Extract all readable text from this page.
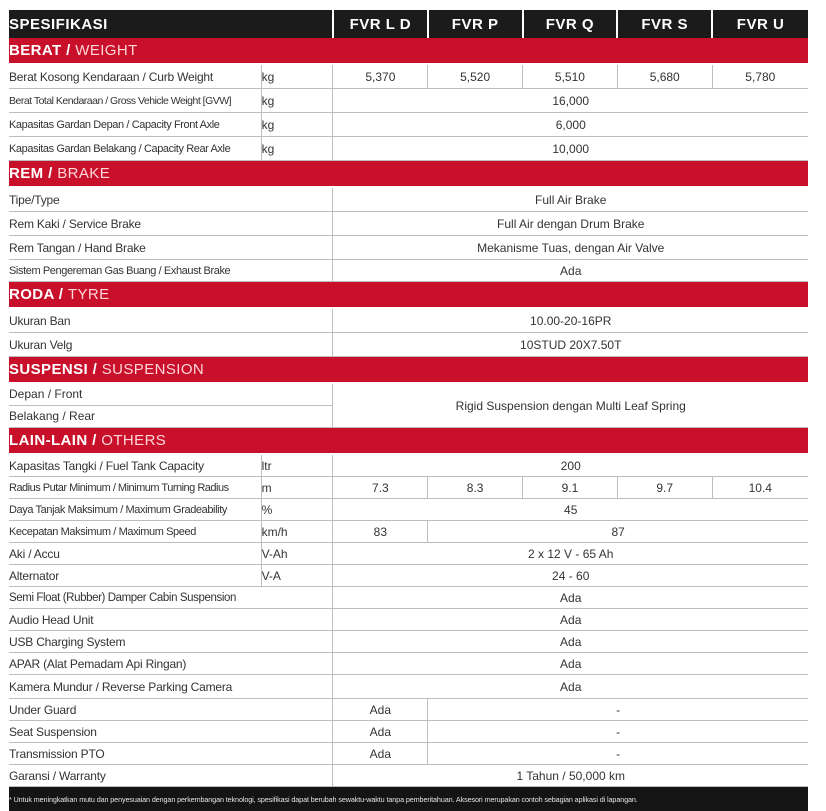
SPESIFIKASI		FVR L D	FVR P	FVR Q	FVR S	FVR U
BERAT / WEIGHT						
Berat Kosong Kendaraan / Curb Weight	kg	5,370	5,520	5,510	5,680	5,780
Berat Total Kendaraan / Gross Vehicle Weight [GVW]	kg	16,000				
Kapasitas Gardan Depan / Capacity Front Axle	kg	6,000				
Kapasitas Gardan Belakang / Capacity Rear Axle	kg	10,000				
REM / BRAKE						
Tipe/Type		Full Air Brake				
Rem Kaki / Service Brake		Full Air dengan Drum Brake				
Rem Tangan / Hand Brake		Mekanisme Tuas, dengan Air Valve				
Sistem Pengereman Gas Buang / Exhaust Brake		Ada				
RODA / TYRE						
Ukuran Ban		10.00-20-16PR				
Ukuran Velg		10STUD 20X7.50T				
SUSPENSI / SUSPENSION						

Depan / Front
Belakang / Rear		Rigid Suspension dengan Multi Leaf Spring				
LAIN-LAIN / OTHERS						
Kapasitas Tangki / Fuel Tank Capacity	ltr	200				
Radius Putar Minimum / Minimum Turning Radius	m	7.3	8.3	9.1	9.7	10.4
Daya Tanjak Maksimum / Maximum Gradeability	%	45				
Kecepatan Maksimum / Maximum Speed	km/h	83	87			
Aki / Accu	V-Ah	2 x 12 V - 65 Ah				
Alternator	V-A	24 - 60				
Semi Float (Rubber) Damper Cabin Suspension		Ada				
Audio Head Unit		Ada				
USB Charging System		Ada				
APAR (Alat Pemadam Api Ringan)		Ada				
Kamera Mundur / Reverse Parking Camera		Ada				
Under Guard		Ada	-			
Seat Suspension		Ada	-			
Transmission PTO		Ada	-			
Garansi / Warranty		1 Tahun / 50,000 km				
* Untuk meningkatkan mutu dan penyesuaian dengan perkembangan teknologi, spesifikasi dapat berubah sewaktu-waktu tanpa pemberitahuan. Aksesori merupakan contoh sebagian aplikasi di lapangan.						
